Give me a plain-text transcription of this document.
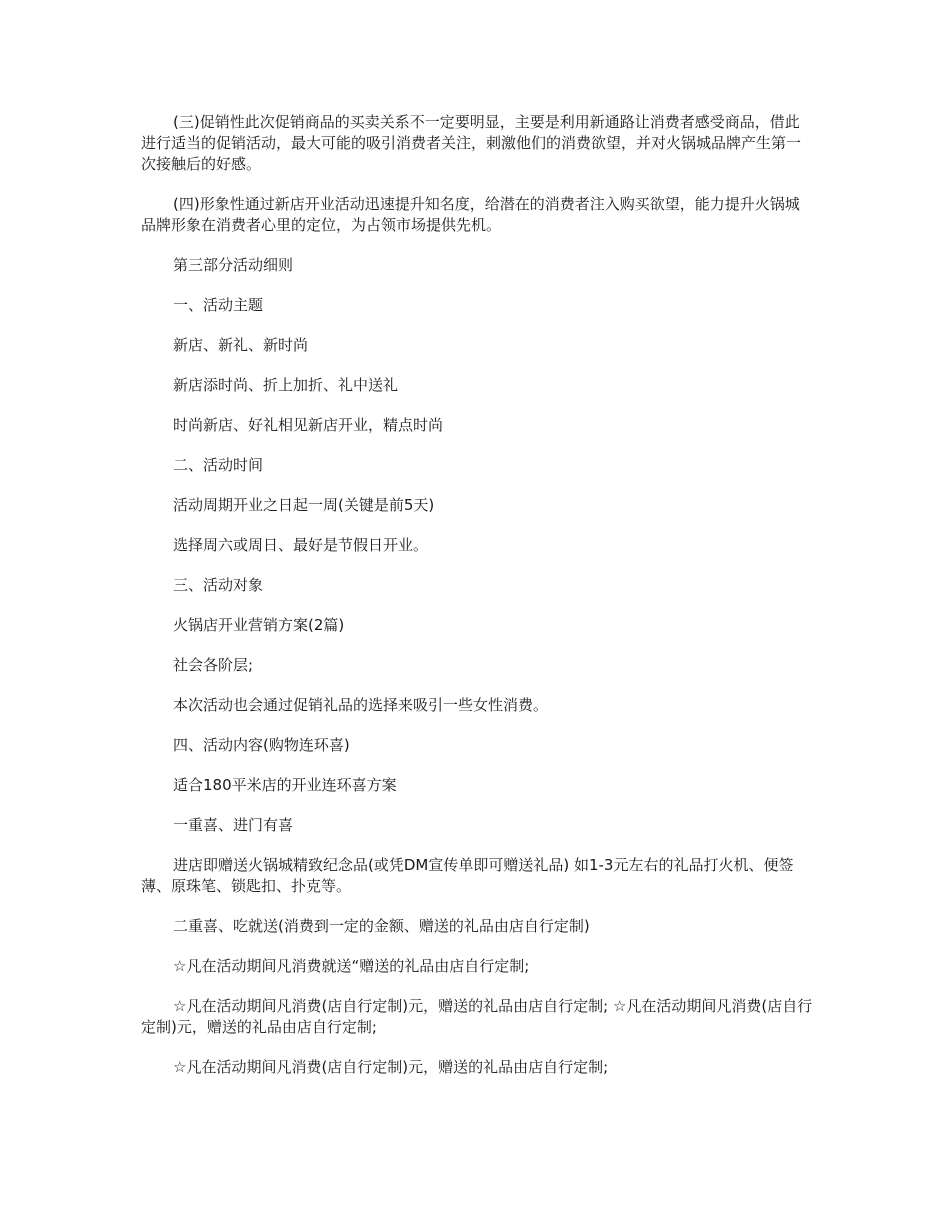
(三)促销性此次促销商品的买卖关系不一定要明显，主要是利用新通路让消费者感受商品，借此进行适当的促销活动，最大可能的吸引消费者关注，刺激他们的消费欲望，并对火锅城品牌产生第一次接触后的好感。

(四)形象性通过新店开业活动迅速提升知名度，给潜在的消费者注入购买欲望，能力提升火锅城品牌形象在消费者心里的定位，为占领市场提供先机。

第三部分活动细则

一、活动主题

新店、新礼、新时尚

新店添时尚、折上加折、礼中送礼

时尚新店、好礼相见新店开业，精点时尚

二、活动时间

活动周期开业之日起一周(关键是前5天)

选择周六或周日、最好是节假日开业。

三、活动对象

火锅店开业营销方案(2篇)

社会各阶层;

本次活动也会通过促销礼品的选择来吸引一些女性消费。

四、活动内容(购物连环喜)

适合180平米店的开业连环喜方案

一重喜、进门有喜

进店即赠送火锅城精致纪念品(或凭DM宣传单即可赠送礼品) 如1-3元左右的礼品打火机、便签薄、原珠笔、锁匙扣、扑克等。

二重喜、吃就送(消费到一定的金额、赠送的礼品由店自行定制)

☆凡在活动期间凡消费就送“赠送的礼品由店自行定制;

☆凡在活动期间凡消费(店自行定制)元，赠送的礼品由店自行定制; ☆凡在活动期间凡消费(店自行定制)元，赠送的礼品由店自行定制;

☆凡在活动期间凡消费(店自行定制)元，赠送的礼品由店自行定制;
